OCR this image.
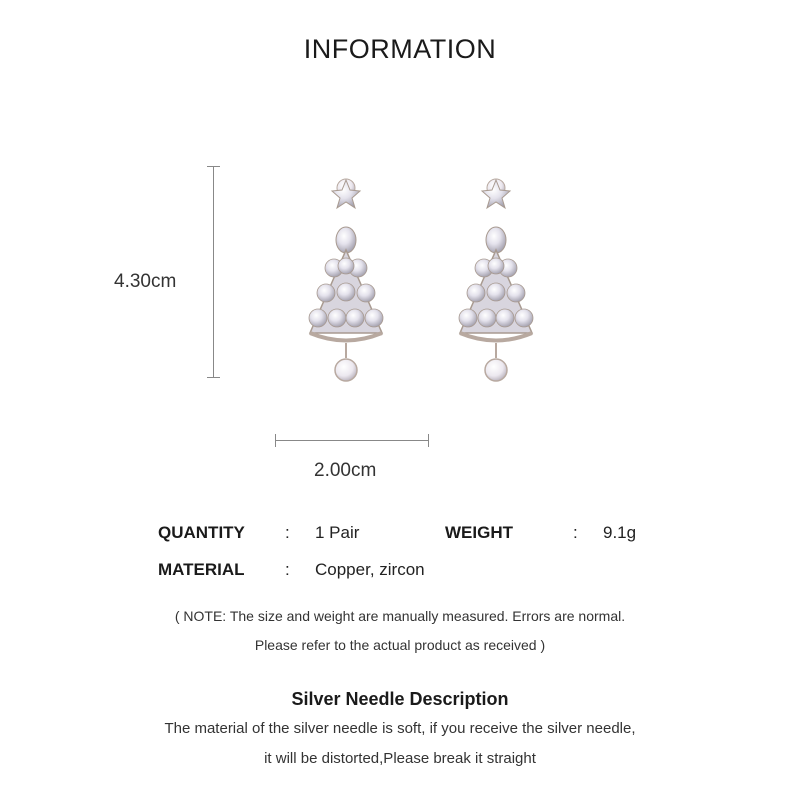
INFORMATION
4.30cm
2.00cm
QUANTITY : 1 Pair	WEIGHT	: 9.1g
MATERIAL : Copper, zircon
( NOTE: The size and weight are manually measured. Errors are normal.
Please refer to the actual product as received )
Silver Needle Description
The material of the silver needle is soft, if you receive the silver needle,
it will be distorted,Please break it straight
